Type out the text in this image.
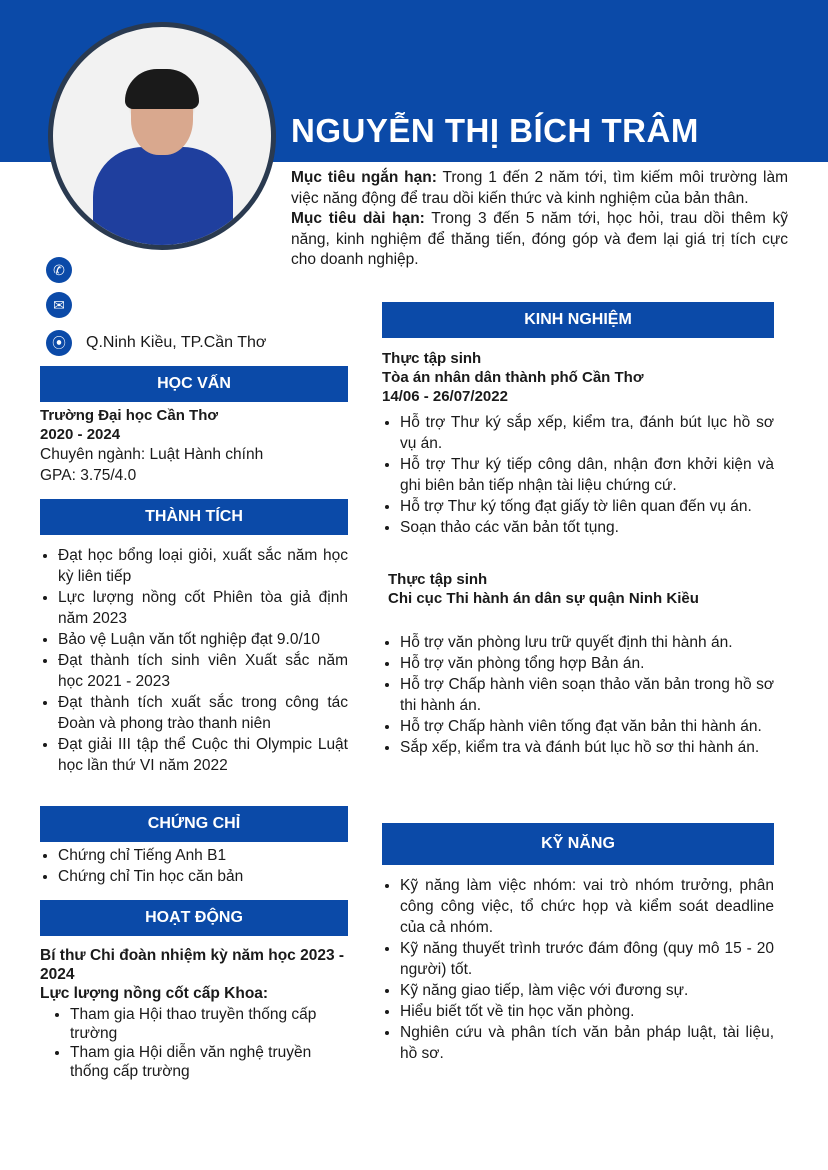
NGUYỄN THỊ BÍCH TRÂM
Mục tiêu ngắn hạn: Trong 1 đến 2 năm tới, tìm kiếm môi trường làm việc năng động để trau dồi kiến thức và kinh nghiệm của bản thân.
Mục tiêu dài hạn: Trong 3 đến 5 năm tới, học hỏi, trau dồi thêm kỹ năng, kinh nghiệm để thăng tiến, đóng góp và đem lại giá trị tích cực cho doanh nghiệp.
✆
✉
⦿	Q.Ninh Kiều, TP.Cần Thơ
HỌC VẤN
Trường Đại học Cần Thơ
2020 - 2024
Chuyên ngành: Luật Hành chính
GPA: 3.75/4.0
THÀNH TÍCH
• Đạt học bổng loại giỏi, xuất sắc năm học kỳ liên tiếp
• Lực lượng nồng cốt Phiên tòa giả định năm 2023
• Bảo vệ Luận văn tốt nghiệp đạt 9.0/10
• Đạt thành tích sinh viên Xuất sắc năm học 2021 - 2023
• Đạt thành tích xuất sắc trong công tác Đoàn và phong trào thanh niên
• Đạt giải III tập thể Cuộc thi Olympic Luật học lần thứ VI năm 2022
CHỨNG CHỈ
• Chứng chỉ Tiếng Anh B1
• Chứng chỉ Tin học căn bản
HOẠT ĐỘNG
Bí thư Chi đoàn nhiệm kỳ năm học 2023 - 2024
Lực lượng nồng cốt cấp Khoa:
• Tham gia Hội thao truyền thống cấp trường
• Tham gia Hội diễn văn nghệ truyền thống cấp trường
KINH NGHIỆM
Thực tập sinh
Tòa án nhân dân thành phố Cần Thơ
14/06 - 26/07/2022
• Hỗ trợ Thư ký sắp xếp, kiểm tra, đánh bút lục hồ sơ vụ án.
• Hỗ trợ Thư ký tiếp công dân, nhận đơn khởi kiện và ghi biên bản tiếp nhận tài liệu chứng cứ.
• Hỗ trợ Thư ký tống đạt giấy tờ liên quan đến vụ án.
• Soạn thảo các văn bản tốt tụng.
Thực tập sinh
Chi cục Thi hành án dân sự quận Ninh Kiều
• Hỗ trợ văn phòng lưu trữ quyết định thi hành án.
• Hỗ trợ văn phòng tổng hợp Bản án.
• Hỗ trợ Chấp hành viên soạn thảo văn bản trong hồ sơ thi hành án.
• Hỗ trợ Chấp hành viên tống đạt văn bản thi hành án.
• Sắp xếp, kiểm tra và đánh bút lục hồ sơ thi hành án.
KỸ NĂNG
• Kỹ năng làm việc nhóm: vai trò nhóm trưởng, phân công công việc, tổ chức họp và kiểm soát deadline của cả nhóm.
• Kỹ năng thuyết trình trước đám đông (quy mô 15 - 20 người) tốt.
• Kỹ năng giao tiếp, làm việc với đương sự.
• Hiểu biết tốt về tin học văn phòng.
• Nghiên cứu và phân tích văn bản pháp luật, tài liệu, hồ sơ.
